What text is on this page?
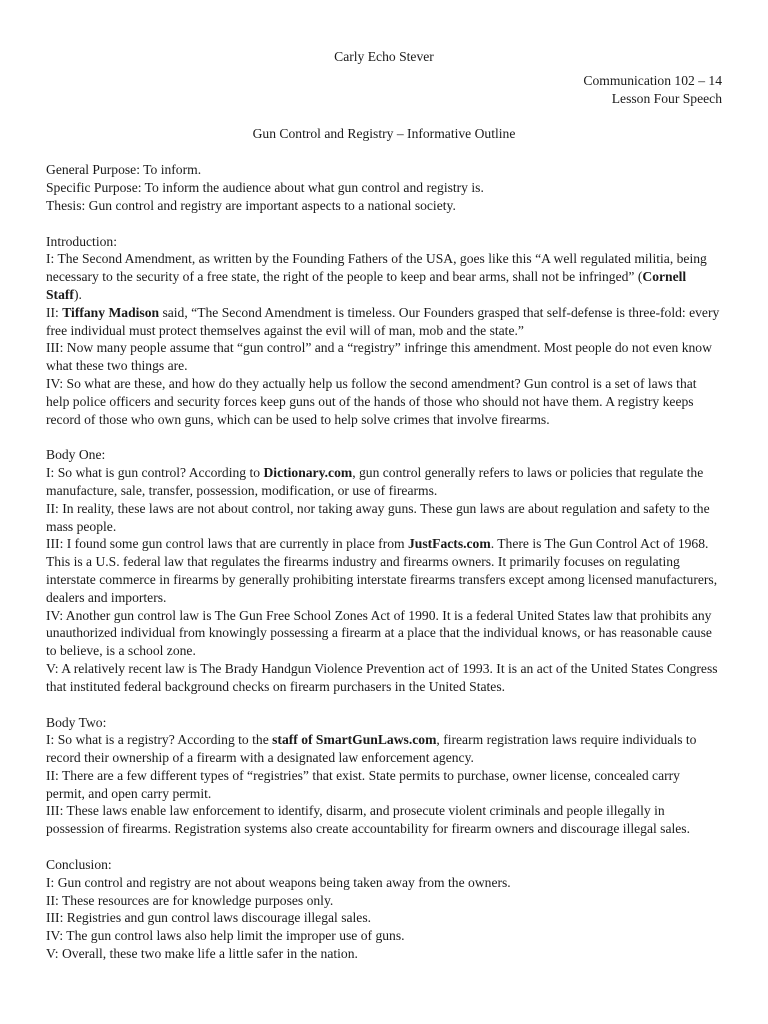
Carly Echo Stever

Communication 102 – 14
Lesson Four Speech

Gun Control and Registry – Informative Outline

General Purpose: To inform.

Specific Purpose: To inform the audience about what gun control and registry is.

Thesis: Gun control and registry are important aspects to a national society.

Introduction:

I: The Second Amendment, as written by the Founding Fathers of the USA, goes like this “A well regulated militia, being necessary to the security of a free state, the right of the people to keep and bear arms, shall not be infringed” (Cornell Staff).

II: Tiffany Madison said, “The Second Amendment is timeless. Our Founders grasped that self-defense is three-fold: every free individual must protect themselves against the evil will of man, mob and the state.”

III: Now many people assume that “gun control” and a “registry” infringe this amendment. Most people do not even know what these two things are.

IV: So what are these, and how do they actually help us follow the second amendment? Gun control is a set of laws that help police officers and security forces keep guns out of the hands of those who should not have them. A registry keeps record of those who own guns, which can be used to help solve crimes that involve firearms.

Body One:

I: So what is gun control? According to Dictionary.com, gun control generally refers to laws or policies that regulate the manufacture, sale, transfer, possession, modification, or use of firearms.

II: In reality, these laws are not about control, nor taking away guns. These gun laws are about regulation and safety to the mass people.

III: I found some gun control laws that are currently in place from JustFacts.com. There is The Gun Control Act of 1968. This is a U.S. federal law that regulates the firearms industry and firearms owners. It primarily focuses on regulating interstate commerce in firearms by generally prohibiting interstate firearms transfers except among licensed manufacturers, dealers and importers.

IV: Another gun control law is The Gun Free School Zones Act of 1990. It is a federal United States law that prohibits any unauthorized individual from knowingly possessing a firearm at a place that the individual knows, or has reasonable cause to believe, is a school zone.

V: A relatively recent law is The Brady Handgun Violence Prevention act of 1993. It is an act of the United States Congress that instituted federal background checks on firearm purchasers in the United States.

Body Two:

I: So what is a registry? According to the staff of SmartGunLaws.com, firearm registration laws require individuals to record their ownership of a firearm with a designated law enforcement agency.

II: There are a few different types of “registries” that exist. State permits to purchase, owner license, concealed carry permit, and open carry permit.

III: These laws enable law enforcement to identify, disarm, and prosecute violent criminals and people illegally in possession of firearms. Registration systems also create accountability for firearm owners and discourage illegal sales.

Conclusion:

I: Gun control and registry are not about weapons being taken away from the owners.

II: These resources are for knowledge purposes only.

III: Registries and gun control laws discourage illegal sales.

IV: The gun control laws also help limit the improper use of guns.

V: Overall, these two make life a little safer in the nation.
